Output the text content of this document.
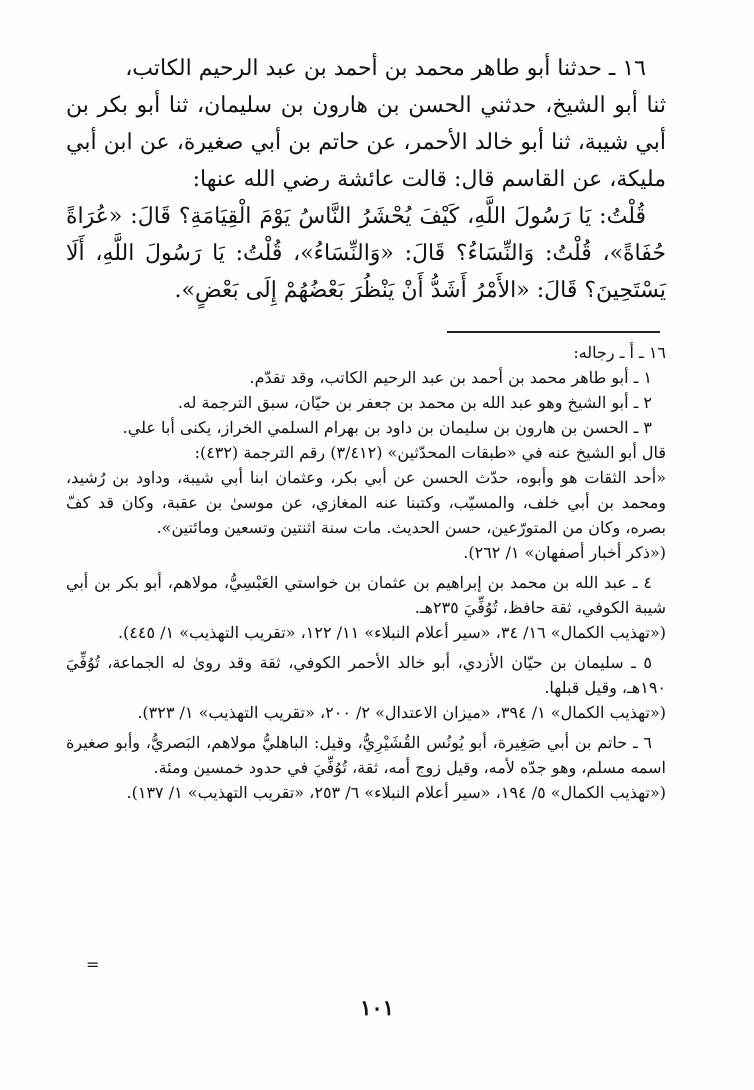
١٦ ـ حدثنا أبو طاهر محمد بن أحمد بن عبد الرحيم الكاتب،

ثنا أبو الشيخ، حدثني الحسن بن هارون بن سليمان، ثنا أبو بكر بن أبي شيبة، ثنا أبو خالد الأحمر، عن حاتم بن أبي صغيرة، عن ابن أبي مليكة، عن القاسم قال: قالت عائشة رضي الله عنها:

قُلْتُ: يَا رَسُولَ اللَّهِ، كَيْفَ يُحْشَرُ النَّاسُ يَوْمَ الْقِيَامَةِ؟ قَالَ: «عُرَاةً حُفَاةً»، قُلْتُ: وَالنِّسَاءُ؟ قَالَ: «وَالنِّسَاءُ»، قُلْتُ: يَا رَسُولَ اللَّهِ، أَلَا يَسْتَحِينَ؟ قَالَ: «الأَمْرُ أَشَدُّ أَنْ يَنْظُرَ بَعْضُهُمْ إِلَى بَعْضٍ».

١٦ ـ أ ـ رجاله:

١ ـ أبو طاهر محمد بن أحمد بن عبد الرحيم الكاتب، وقد تقدّم.

٢ ـ أبو الشيخ وهو عبد الله بن محمد بن جعفر بن حيّان، سبق الترجمة له.

٣ ـ الحسن بن هارون بن سليمان بن داود بن بهرام السلمي الخراز، يكنى أبا علي.

قال أبو الشيخ عنه في «طبقات المحدّثين» (٣/٤١٢) رقم الترجمة (٤٣٢):

«أحد الثقات هو وأبوه، حدّث الحسن عن أبي بكر، وعثمان ابنا أبي شيبة، وداود بن رُشيد، ومحمد بن أبي خلف، والمسيّب، وكتبنا عنه المغازي، عن موسىٰ بن عقبة، وكان قد كفّ بصره، وكان من المتورّعين، حسن الحديث. مات سنة اثنتين وتسعين ومائتين».

(«ذكر أخبار أصفهان» ١/ ٢٦٢).

٤ ـ عبد الله بن محمد بن إبراهيم بن عثمان بن خواستي العَبْسِيُّ، مولاهم، أبو بكر بن أبي شيبة الكوفي، ثقة حافظ، تُوُفِّيَ ٢٣٥هـ.

(«تهذيب الكمال» ١٦/ ٣٤، «سير أعلام النبلاء» ١١/ ١٢٢، «تقريب التهذيب» ١/ ٤٤٥).

٥ ـ سليمان بن حيّان الأزدي، أبو خالد الأحمر الكوفي، ثقة وقد روىٰ له الجماعة، تُوُفِّيَ ١٩٠هـ، وقيل قبلها.

(«تهذيب الكمال» ١/ ٣٩٤، «ميزان الاعتدال» ٢/ ٢٠٠، «تقريب التهذيب» ١/ ٣٢٣).

٦ ـ حاتم بن أبي صَغِيرة، أبو يُونُس القُشَيْرِيُّ، وقيل: الباهليُّ مولاهم، البَصريُّ، وأبو صغيرة اسمه مسلم، وهو جدّه لأمه، وقيل زوج أمه، ثقة، تُوُفِّيَ في حدود خمسين ومئة.

(«تهذيب الكمال» ٥/ ١٩٤، «سير أعلام النبلاء» ٦/ ٢٥٣، «تقريب التهذيب» ١/ ١٣٧).

=
١٠١
